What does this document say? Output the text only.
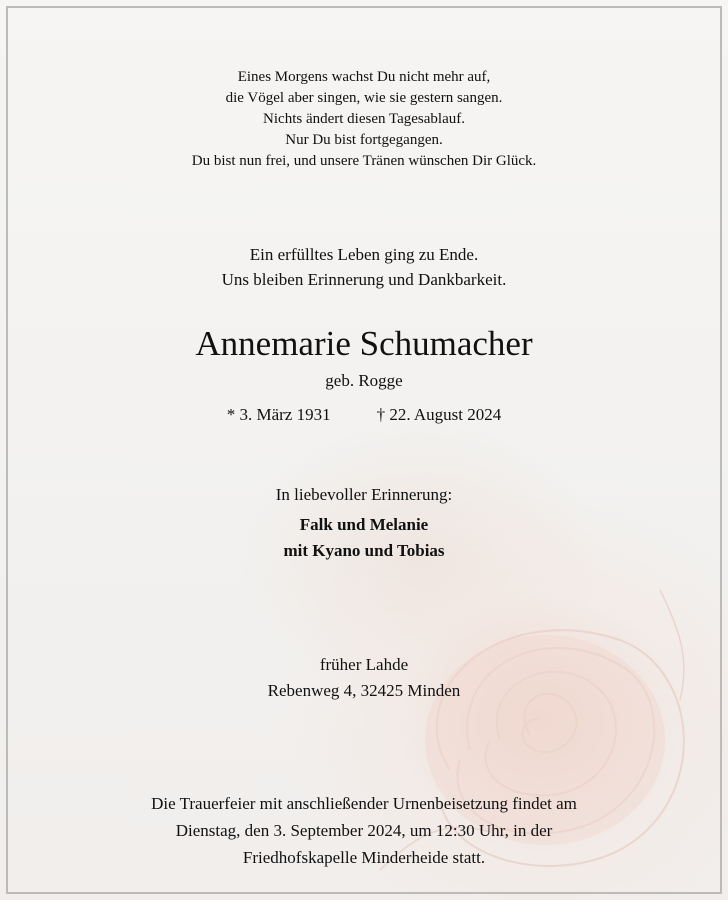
Eines Morgens wachst Du nicht mehr auf,
die Vögel aber singen, wie sie gestern sangen.
Nichts ändert diesen Tagesablauf.
Nur Du bist fortgegangen.
Du bist nun frei, und unsere Tränen wünschen Dir Glück.
Ein erfülltes Leben ging zu Ende.
Uns bleiben Erinnerung und Dankbarkeit.
Annemarie Schumacher
geb. Rogge
* 3. März 1931	† 22. August 2024
In liebevoller Erinnerung:
Falk und Melanie
mit Kyano und Tobias
früher Lahde
Rebenweg 4, 32425 Minden
Die Trauerfeier mit anschließender Urnenbeisetzung findet am
Dienstag, den 3. September 2024, um 12:30 Uhr, in der
Friedhofskapelle Minderheide statt.
